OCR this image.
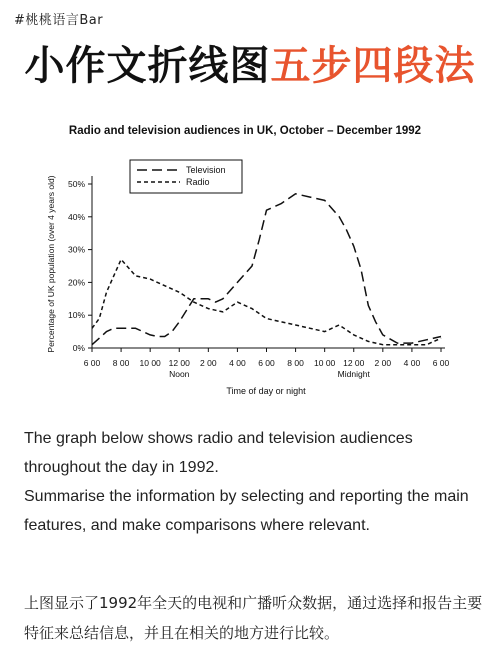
#桃桃语言Bar
小作文折线图五步四段法
Radio and television audiences in UK, October – December 1992
Percentage of UK population (over 4 years old)
Time of day or night
0%
10%
20%
30%
40%
50%
6 00 8 00 10 00 12 00 2 00 4 00 6 00 8 00 10 00 12 00 2 00 4 00 6 00
Noon	Midnight
Television
Radio

The graph below shows radio and television audiences throughout the day in 1992.

Summarise the information by selecting and reporting the main features, and make comparisons where relevant.

上图显示了1992年全天的电视和广播听众数据，通过选择和报告主要特征来总结信息，并且在相关的地方进行比较。
